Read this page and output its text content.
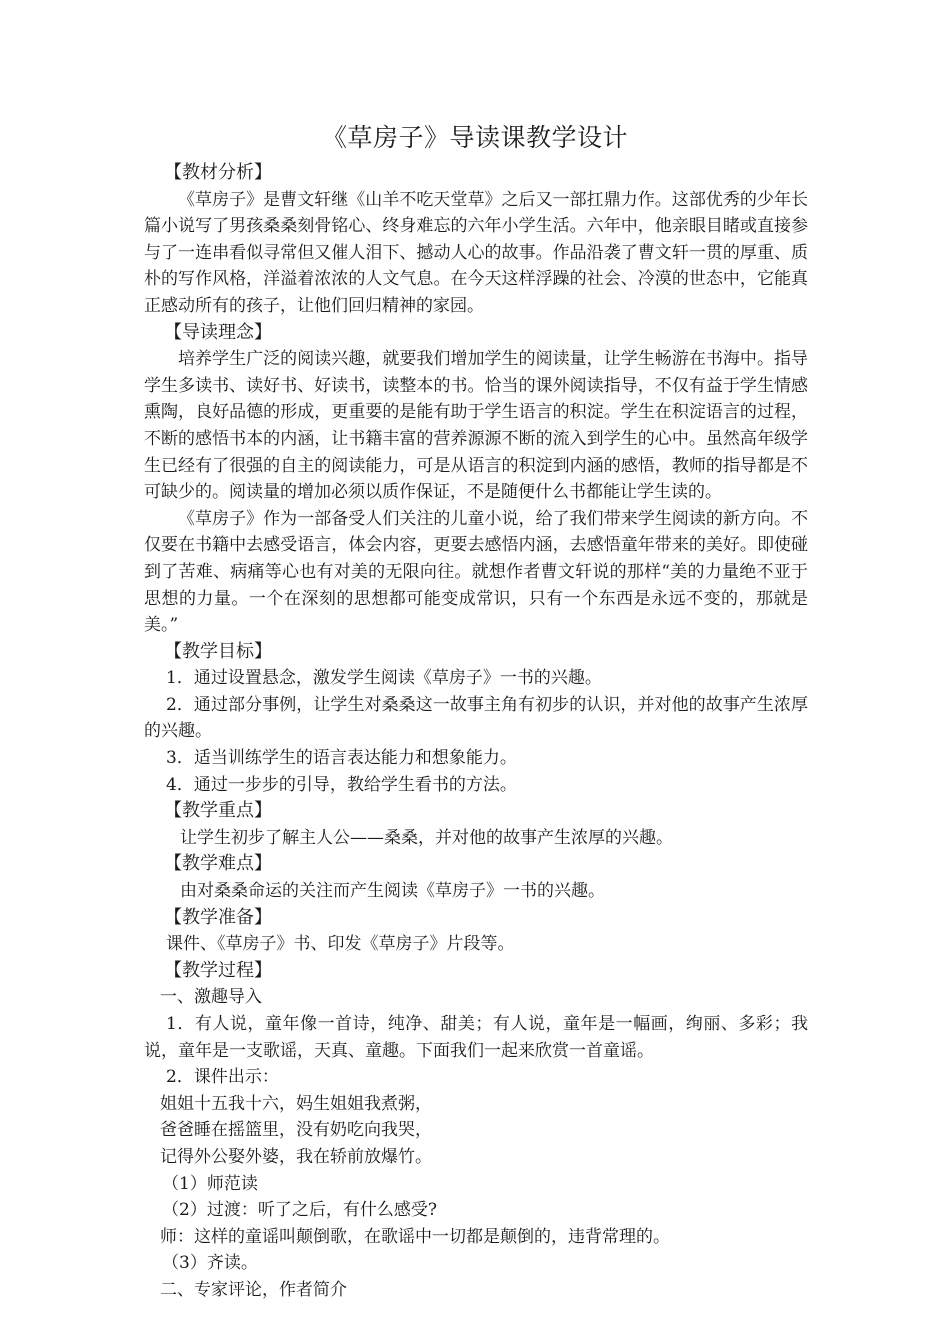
《草房子》导读课教学设计

【教材分析】

《草房子》是曹文轩继《山羊不吃天堂草》之后又一部扛鼎力作。这部优秀的少年长篇小说写了男孩桑桑刻骨铭心、终身难忘的六年小学生活。六年中，他亲眼目睹或直接参与了一连串看似寻常但又催人泪下、撼动人心的故事。作品沿袭了曹文轩一贯的厚重、质朴的写作风格，洋溢着浓浓的人文气息。在今天这样浮躁的社会、冷漠的世态中，它能真正感动所有的孩子，让他们回归精神的家园。

【导读理念】

培养学生广泛的阅读兴趣，就要我们增加学生的阅读量，让学生畅游在书海中。指导学生多读书、读好书、好读书，读整本的书。恰当的课外阅读指导，不仅有益于学生情感熏陶，良好品德的形成，更重要的是能有助于学生语言的积淀。学生在积淀语言的过程，不断的感悟书本的内涵，让书籍丰富的营养源源不断的流入到学生的心中。虽然高年级学生已经有了很强的自主的阅读能力，可是从语言的积淀到内涵的感悟，教师的指导都是不可缺少的。阅读量的增加必须以质作保证，不是随便什么书都能让学生读的。

《草房子》作为一部备受人们关注的儿童小说，给了我们带来学生阅读的新方向。不仅要在书籍中去感受语言，体会内容，更要去感悟内涵，去感悟童年带来的美好。即使碰到了苦难、病痛等心也有对美的无限向往。就想作者曹文轩说的那样“美的力量绝不亚于思想的力量。一个在深刻的思想都可能变成常识，只有一个东西是永远不变的，那就是美。”

【教学目标】

1．通过设置悬念，激发学生阅读《草房子》一书的兴趣。

2．通过部分事例，让学生对桑桑这一故事主角有初步的认识，并对他的故事产生浓厚的兴趣。

3．适当训练学生的语言表达能力和想象能力。

4．通过一步步的引导，教给学生看书的方法。

【教学重点】

让学生初步了解主人公——桑桑，并对他的故事产生浓厚的兴趣。

【教学难点】

由对桑桑命运的关注而产生阅读《草房子》一书的兴趣。

【教学准备】

课件、《草房子》书、印发《草房子》片段等。

【教学过程】

一、激趣导入

1．有人说，童年像一首诗，纯净、甜美；有人说，童年是一幅画，绚丽、多彩；我说，童年是一支歌谣，天真、童趣。下面我们一起来欣赏一首童谣。

2．课件出示：

姐姐十五我十六，妈生姐姐我煮粥，

爸爸睡在摇篮里，没有奶吃向我哭，

记得外公娶外婆，我在轿前放爆竹。

（1）师范读

（2）过渡：听了之后，有什么感受?

师：这样的童谣叫颠倒歌，在歌谣中一切都是颠倒的，违背常理的。

（3）齐读。

二、专家评论，作者简介
